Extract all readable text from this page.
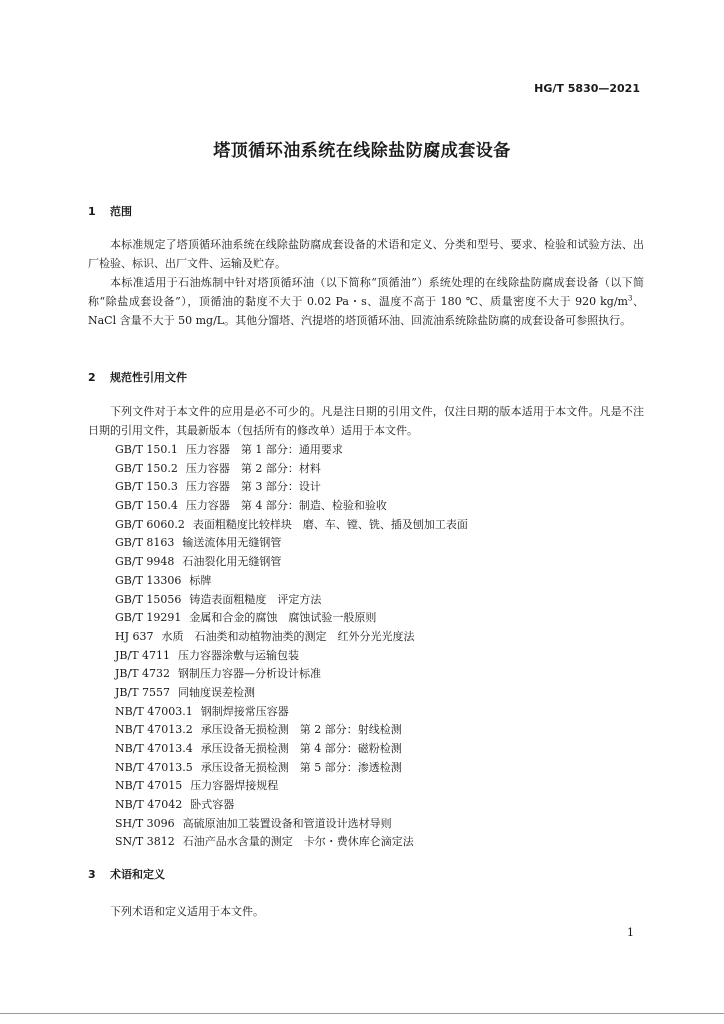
HG/T 5830—2021
塔顶循环油系统在线除盐防腐成套设备
1 范围
本标准规定了塔顶循环油系统在线除盐防腐成套设备的术语和定义、分类和型号、要求、检验和试验方法、出厂检验、标识、出厂文件、运输及贮存。
本标准适用于石油炼制中针对塔顶循环油（以下简称“顶循油”）系统处理的在线除盐防腐成套设备（以下简称“除盐成套设备”），顶循油的黏度不大于 0.02 Pa・s、温度不高于 180 ℃、质量密度不大于 920 $kg/m^3$、NaCl 含量不大于 50 mg/L。其他分馏塔、汽提塔的塔顶循环油、回流油系统除盐防腐的成套设备可参照执行。
2 规范性引用文件
下列文件对于本文件的应用是必不可少的。凡是注日期的引用文件，仅注日期的版本适用于本文件。凡是不注日期的引用文件，其最新版本（包括所有的修改单）适用于本文件。
GB/T 150.1 压力容器　第 1 部分：通用要求
GB/T 150.2 压力容器　第 2 部分：材料
GB/T 150.3 压力容器　第 3 部分：设计
GB/T 150.4 压力容器　第 4 部分：制造、检验和验收
GB/T 6060.2 表面粗糙度比较样块　磨、车、镗、铣、插及刨加工表面
GB/T 8163 输送流体用无缝钢管
GB/T 9948 石油裂化用无缝钢管
GB/T 13306 标牌
GB/T 15056 铸造表面粗糙度　评定方法
GB/T 19291 金属和合金的腐蚀　腐蚀试验一般原则
HJ 637 水质　石油类和动植物油类的测定　红外分光光度法
JB/T 4711 压力容器涂敷与运输包装
JB/T 4732 钢制压力容器—分析设计标准
JB/T 7557 同轴度误差检测
NB/T 47003.1 钢制焊接常压容器
NB/T 47013.2 承压设备无损检测　第 2 部分：射线检测
NB/T 47013.4 承压设备无损检测　第 4 部分：磁粉检测
NB/T 47013.5 承压设备无损检测　第 5 部分：渗透检测
NB/T 47015 压力容器焊接规程
NB/T 47042 卧式容器
SH/T 3096 高硫原油加工装置设备和管道设计选材导则
SN/T 3812 石油产品水含量的测定　卡尔・费休库仑滴定法
3 术语和定义
下列术语和定义适用于本文件。
1
